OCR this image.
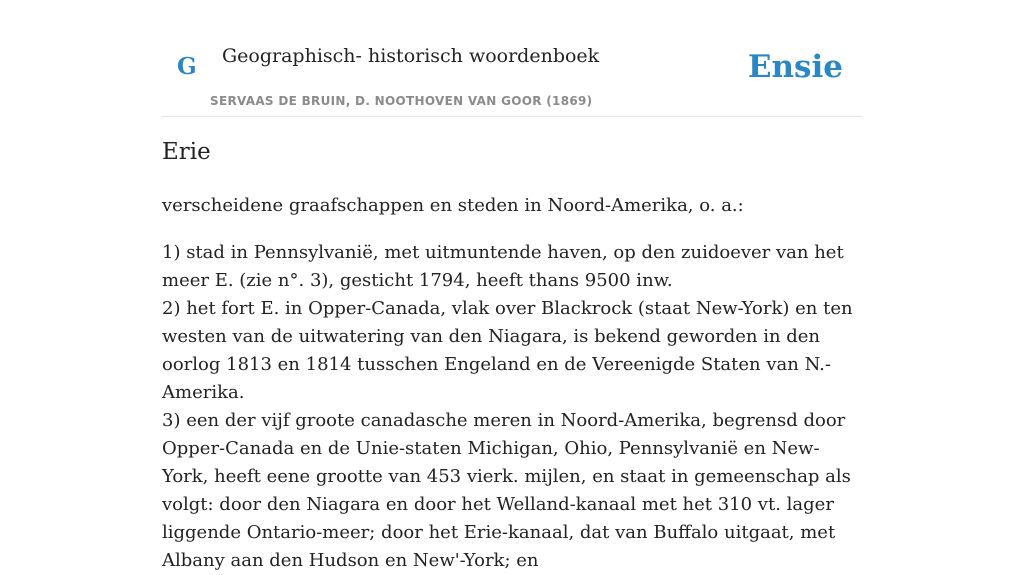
G Geographisch- historisch woordenboek
SERVAAS DE BRUIN, D. NOOTHOVEN VAN GOOR (1869)
Ensie
Erie
verscheidene graafschappen en steden in Noord-Amerika, o. a.:

1) stad in Pennsylvanië, met uitmuntende haven, op den zuidoever van het meer E. (zie n°. 3), gesticht 1794, heeft thans 9500 inw.

2) het fort E. in Opper-Canada, vlak over Blackrock (staat New-York) en ten westen van de uitwatering van den Niagara, is bekend geworden in den oorlog 1813 en 1814 tusschen Engeland en de Vereenigde Staten van N.-Amerika.

3) een der vijf groote canadasche meren in Noord-Amerika, begrensd door Opper-Canada en de Unie-staten Michigan, Ohio, Pennsylvanië en New-York, heeft eene grootte van 453 vierk. mijlen, en staat in gemeenschap als volgt: door den Niagara en door het Welland-kanaal met het 310 vt. lager liggende Ontario-meer; door het Erie-kanaal, dat van Buffalo uitgaat, met Albany aan den Hudson en New'-York; en
